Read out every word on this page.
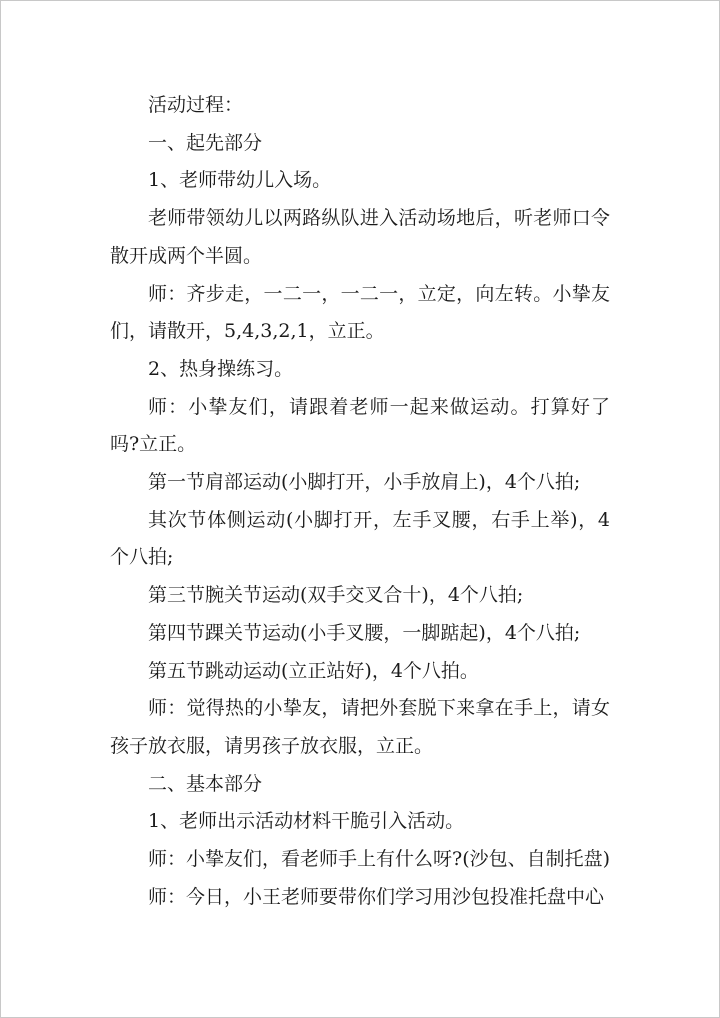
活动过程：

一、起先部分

1、老师带幼儿入场。

老师带领幼儿以两路纵队进入活动场地后，听老师口令散开成两个半圆。

师：齐步走，一二一，一二一，立定，向左转。小挚友们，请散开，5,4,3,2,1，立正。

2、热身操练习。

师：小挚友们，请跟着老师一起来做运动。打算好了吗?立正。

第一节肩部运动(小脚打开，小手放肩上)，4个八拍;

其次节体侧运动(小脚打开，左手叉腰，右手上举)，4个八拍;

第三节腕关节运动(双手交叉合十)，4个八拍;

第四节踝关节运动(小手叉腰，一脚踮起)，4个八拍;

第五节跳动运动(立正站好)，4个八拍。

师：觉得热的小挚友，请把外套脱下来拿在手上，请女孩子放衣服，请男孩子放衣服，立正。

二、基本部分

1、老师出示活动材料干脆引入活动。

师：小挚友们，看老师手上有什么呀?(沙包、自制托盘)

师：今日，小王老师要带你们学习用沙包投准托盘中心
